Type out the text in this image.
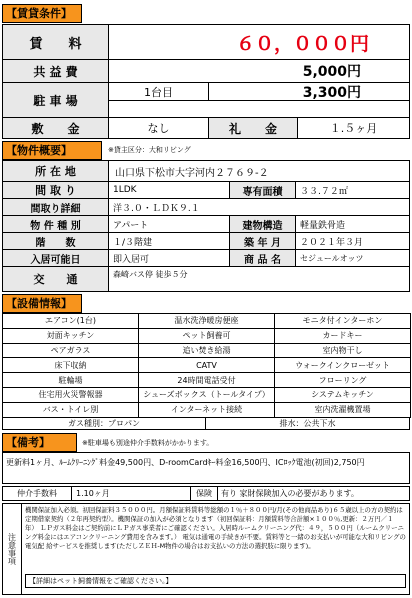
【賃貸条件】
賃　　料	６０，０００円
共 益 費	5,000円
駐 車 場
1台目	3,300円
敷　　金	なし	礼　　金	１.５ヶ月
【物件概要】	※貸主区分：大和リビング
所 在 地	山口県下松市大字河内２７６９-２
間 取 り	1LDK	専有面積	３３.７２㎡
間取り詳細	洋３.０・ＬＤＫ９.１
物 件 種 別	アパート	建物構造	軽量鉄骨造
階　　数	１/３階建	築 年 月	２０２１年３月
入居可能日	即入居可	商 品 名	セジュールオッツ
交　　通	森崎バス停 徒歩５分
【設備情報】
エアコン(1台)	温水洗浄暖房便座	モニタ付インターホン
対面キッチン	ペット飼養可	カードキー
ペアガラス	追い焚き給湯	室内物干し
床下収納	CATV	ウォークインクローゼット
駐輪場	24時間電話受付	フローリング
住宅用火災警報器	シューズボックス（トールタイプ）	システムキッチン
バス・トイレ別	インターネット接続	室内洗濯機置場
ガス種別：プロパン	排水：公共下水
【備考】	※駐車場も別途仲介手数料がかかります。
更新料1ヶ月、ﾙｰﾑｸﾘｰﾆﾝｸﾞ料金49,500円、D-roomCardｷｰ料金16,500円、ICﾛｯｸ電池(初回)2,750円
仲介手数料	1.10ヶ月	保険	有り 家財保険加入の必要があります。
注意事項
機関保証加入必須。初回保証料３５０００円。月額保証料賃料等総額の１％＋８００円/月(その他商品あり)６５歳以上の方の契約は定期借家契約（２年再契約型）。機関保証の加入が必須となります（初回保証料：月額賃料等合計額×１００％,更新：２万円／１年） ＬＰガス料金はご契約前にＬＰガス事業者にご確認ください。入居時ルームクリーニング代：４９，５００円（ルームクリーニング料金にはエアコンクリーニング費用を含みます。） 電気は通電の手続きが不要。賃料等と一緒のお支払いが可能な大和リビングの電気配 給サービスを推奨します(ただしＺＥＨ-M物件の場合はお支払いの方法の選択肢に限ります)。
【詳細はペット飼養情報をご確認ください。】
